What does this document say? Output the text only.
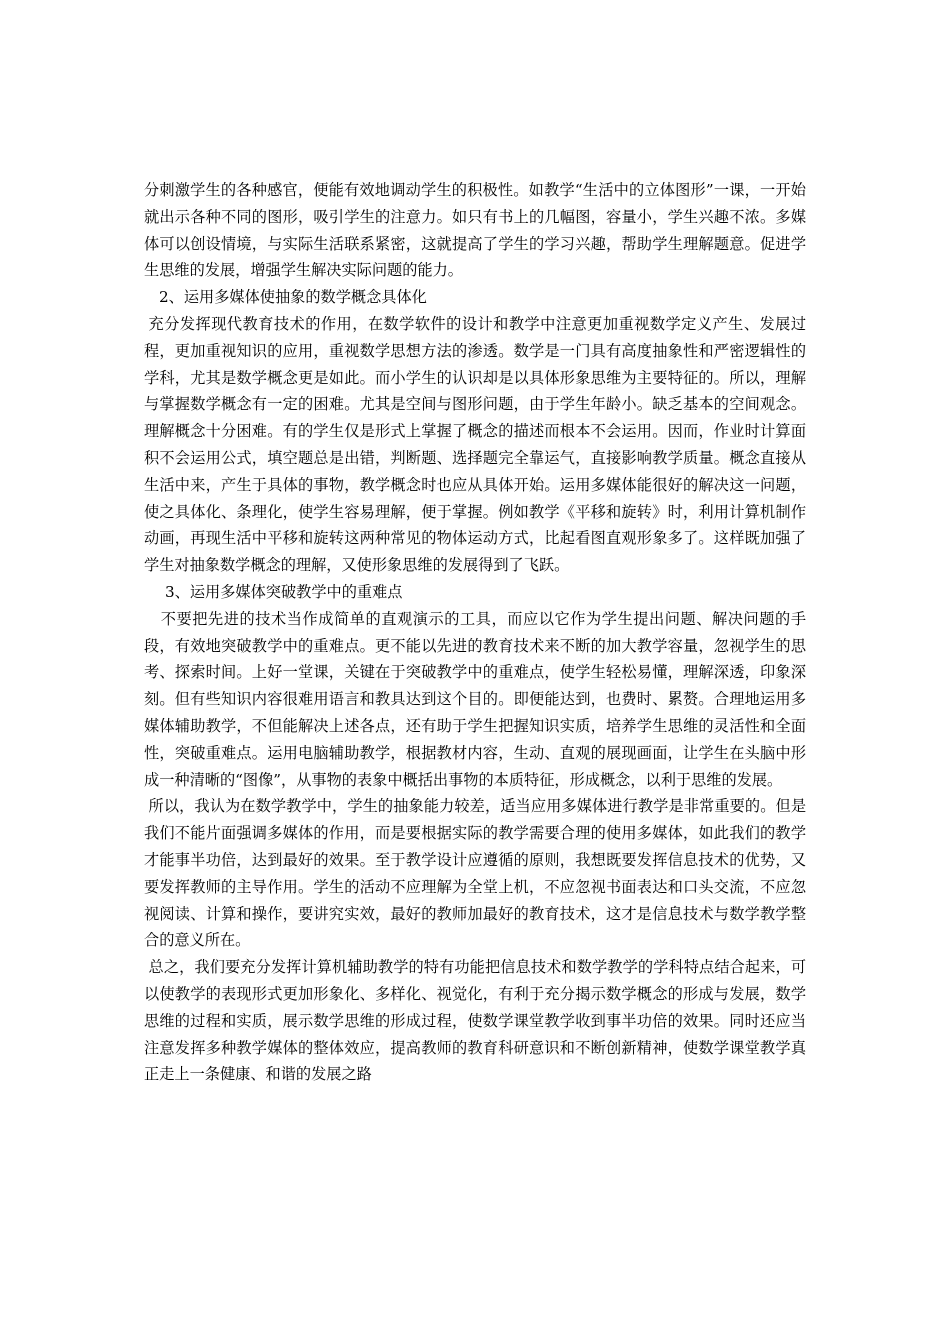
分刺激学生的各种感官，便能有效地调动学生的积极性。如教学“生活中的立体图形”一课，一开始就出示各种不同的图形，吸引学生的注意力。如只有书上的几幅图，容量小，学生兴趣不浓。多媒体可以创设情境，与实际生活联系紧密，这就提高了学生的学习兴趣，帮助学生理解题意。促进学生思维的发展，增强学生解决实际问题的能力。

2、运用多媒体使抽象的数学概念具体化

充分发挥现代教育技术的作用，在数学软件的设计和教学中注意更加重视数学定义产生、发展过程，更加重视知识的应用，重视数学思想方法的渗透。数学是一门具有高度抽象性和严密逻辑性的学科，尤其是数学概念更是如此。而小学生的认识却是以具体形象思维为主要特征的。所以，理解与掌握数学概念有一定的困难。尤其是空间与图形问题，由于学生年龄小。缺乏基本的空间观念。理解概念十分困难。有的学生仅是形式上掌握了概念的描述而根本不会运用。因而，作业时计算面积不会运用公式，填空题总是出错，判断题、选择题完全靠运气，直接影响教学质量。概念直接从生活中来，产生于具体的事物，教学概念时也应从具体开始。运用多媒体能很好的解决这一问题，使之具体化、条理化，使学生容易理解，便于掌握。例如教学《平移和旋转》时，利用计算机制作动画，再现生活中平移和旋转这两种常见的物体运动方式，比起看图直观形象多了。这样既加强了学生对抽象数学概念的理解，又使形象思维的发展得到了飞跃。

3、运用多媒体突破教学中的重难点

不要把先进的技术当作成简单的直观演示的工具，而应以它作为学生提出问题、解决问题的手段，有效地突破教学中的重难点。更不能以先进的教育技术来不断的加大教学容量，忽视学生的思考、探索时间。上好一堂课，关键在于突破教学中的重难点，使学生轻松易懂，理解深透，印象深刻。但有些知识内容很难用语言和教具达到这个目的。即便能达到，也费时、累赘。合理地运用多媒体辅助教学，不但能解决上述各点，还有助于学生把握知识实质，培养学生思维的灵活性和全面性，突破重难点。运用电脑辅助教学，根据教材内容，生动、直观的展现画面，让学生在头脑中形成一种清晰的“图像”，从事物的表象中概括出事物的本质特征，形成概念，以利于思维的发展。

所以，我认为在数学教学中，学生的抽象能力较差，适当应用多媒体进行教学是非常重要的。但是我们不能片面强调多媒体的作用，而是要根据实际的教学需要合理的使用多媒体，如此我们的教学才能事半功倍，达到最好的效果。至于教学设计应遵循的原则，我想既要发挥信息技术的优势，又要发挥教师的主导作用。学生的活动不应理解为全堂上机，不应忽视书面表达和口头交流，不应忽视阅读、计算和操作，要讲究实效，最好的教师加最好的教育技术，这才是信息技术与数学教学整合的意义所在。

总之，我们要充分发挥计算机辅助教学的特有功能把信息技术和数学教学的学科特点结合起来，可以使教学的表现形式更加形象化、多样化、视觉化，有利于充分揭示数学概念的形成与发展，数学思维的过程和实质，展示数学思维的形成过程，使数学课堂教学收到事半功倍的效果。同时还应当注意发挥多种教学媒体的整体效应，提高教师的教育科研意识和不断创新精神，使数学课堂教学真正走上一条健康、和谐的发展之路
